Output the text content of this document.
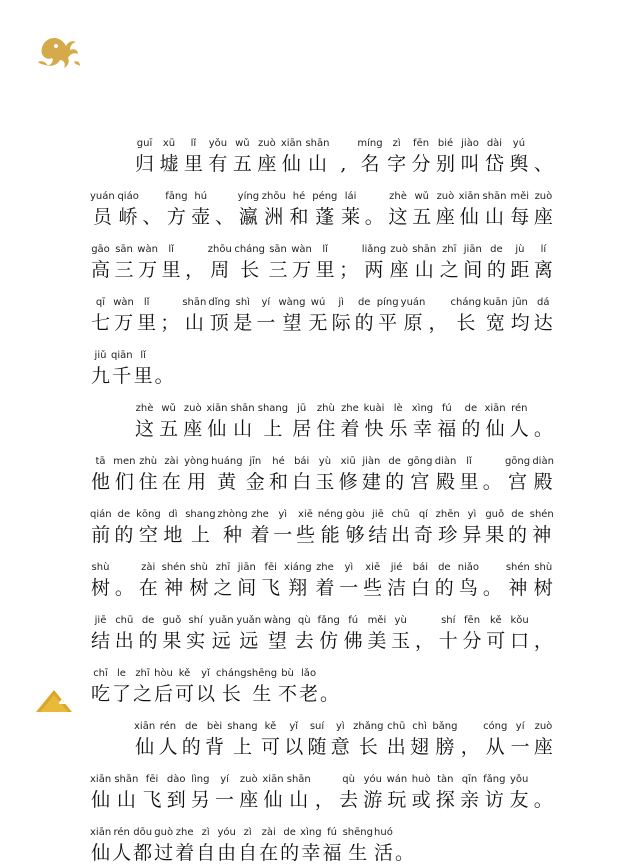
guī
归
xū
墟
lǐ
里
yǒu
有
wǔ
五
zuò
座
xiān
仙
shān
山 ,
míng
名
zì
字
fēn
分
bié
别
jiào
叫
dài
岱
yú
舆 、
yuán
员
qiáo
峤 、
fāng
方
hú
壶 、
yíng
瀛
zhōu
洲
hé
和
péng
蓬
lái
莱 。
zhè
这
wǔ
五
zuò
座
xiān
仙
shān
山
měi
每
zuò
座
gāo
高
sān
三
wàn
万
lǐ
里 ，
zhōu
周
cháng
长
sān
三
wàn
万
lǐ
里 ；
liǎng
两
zuò
座
shān
山
zhī
之
jiān
间
de
的
jù
距
lí
离
qī
七
wàn
万
lǐ
里 ；
shān
山
dǐng
顶
shì
是
yí
一
wàng
望
wú
无
jì
际
de
的
píng
平
yuán
原 ，
cháng
长
kuān
宽
jūn
均
dá
达
jiǔ
九
qiān
千
lǐ
里 。
zhè
这
wǔ
五
zuò
座
xiān
仙
shān
山
shang
上
jū
居
zhù
住
zhe
着
kuài
快
lè
乐
xìng
幸
fú
福
de
的
xiān
仙
rén
人 。
tā
他
men
们
zhù
住
zài
在
yòng
用
huáng
黄
jīn
金
hé
和
bái
白
yù
玉
xiū
修
jiàn
建
de
的
gōng
宫
diàn
殿
lǐ
里 。
gōng
宫
diàn
殿
qián
前
de
的
kōng
空
dì
地
shang
上
zhòng
种
zhe
着
yì
一
xiē
些
néng
能
gòu
够
jiē
结
chū
出
qí
奇
zhēn
珍
yì
异
guǒ
果
de
的
shén
神
shù
树 。
zài
在
shén
神
shù
树
zhī
之
jiān
间
fēi
飞
xiáng
翔
zhe
着
yì
一
xiē
些
jié
洁
bái
白
de
的
niǎo
鸟 。
shén
神
shù
树
jiē
结
chū
出
de
的
guǒ
果
shí
实
yuǎn
远
yuǎn
远
wàng
望
qù
去
fǎng
仿
fú
佛
měi
美
yù
玉 ，
shí
十
fēn
分
kě
可
kǒu
口 ，
chī
吃
le
了
zhī
之
hòu
后
kě
可
yǐ
以
cháng
长
shēng
生
bù
不
lǎo
老 。
xiān
仙
rén
人
de
的
bèi
背
shang
上
kě
可
yǐ
以
suí
随
yì
意
zhǎng
长
chū
出
chì
翅
bǎng
膀 ，
cóng
从
yí
一
zuò
座
xiān
仙
shān
山
fēi
飞
dào
到
lìng
另
yí
一
zuò
座
xiān
仙
shān
山 ，
qù
去
yóu
游
wán
玩
huò
或
tàn
探
qīn
亲
fǎng
访
yǒu
友 。
xiān
仙
rén
人
dōu
都
guò
过
zhe
着
zì
自
yóu
由
zì
自
zài
在
de
的
xìng
幸
fú
福
shēng
生
huó
活 。
2
